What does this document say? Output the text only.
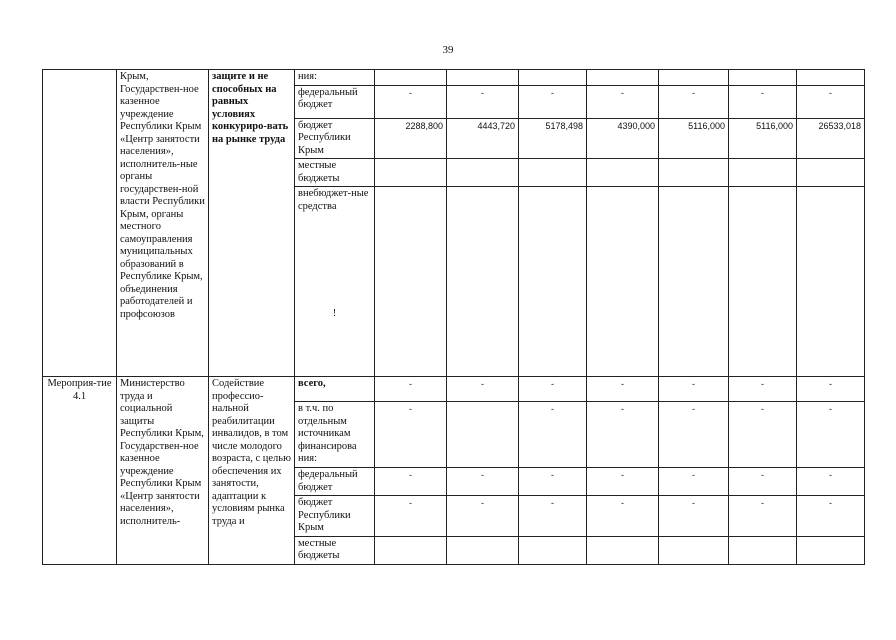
39
	Крым, Государствен-ное казенное учреждение Республики Крым «Центр занятости населения», исполнитель-ные органы государствен-ной власти Республики Крым, органы местного самоуправления муниципальных образований в Республике Крым, объединения работодателей и профсоюзов	защите и не способных на равных условиях конкуриро-вать на рынке труда	ния:							
			федеральный бюджет	-	-	-	-	-	-	-
			бюджет Республики Крым	2288,800	4443,720	5178,498	4390,000	5116,000	5116,000	26533,018
			местные бюджеты							
			внебюджет-ные средства
!							

Мероприя-тие 4.1	Министерство труда и социальной защиты Республики Крым, Государствен-ное казенное учреждение Республики Крым «Центр занятости населения», исполнитель-	Содействие профессио-нальной реабилитации инвалидов, в том числе молодого возраста, с целью обеспечения их занятости, адаптации к условиям рынка труда и	всего,	-	-	-	-	-	-	-
			в т.ч. по отдельным источникам финансирова ния:	-		-	-	-	-	-
			федеральный бюджет	-	-	-	-	-	-	-
			бюджет Республики Крым	-	-	-	-	-	-	-
			местные бюджеты							
